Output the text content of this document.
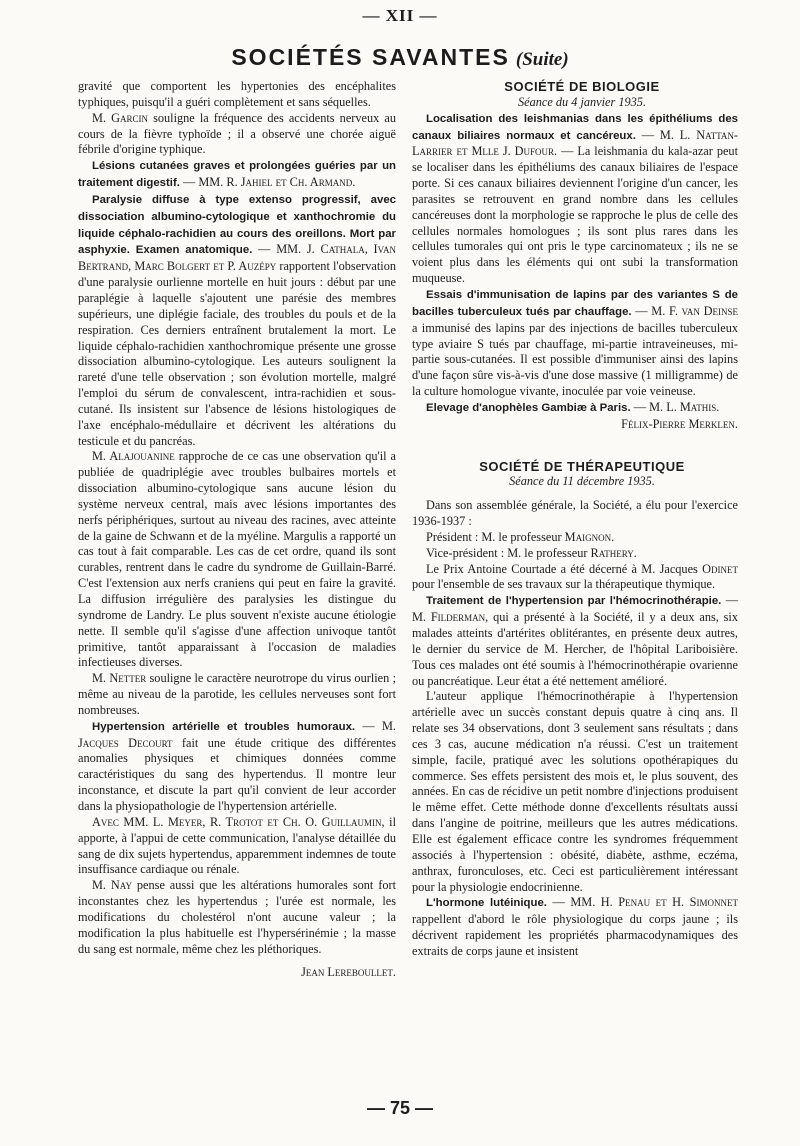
— XII —
SOCIÉTÉS SAVANTES (Suite)

gravité que comportent les hypertonies des encéphalites typhiques, puisqu'il a guéri complètement et sans séquelles.

M. Garcin souligne la fréquence des accidents nerveux au cours de la fièvre typhoïde ; il a observé une chorée aiguë fébrile d'origine typhique.

Lésions cutanées graves et prolongées guéries par un traitement digestif. — MM. R. Jahiel et Ch. Armand.

Paralysie diffuse à type extenso progressif, avec dissociation albumino-cytologique et xanthochromie du liquide céphalo-rachidien au cours des oreillons. Mort par asphyxie. Examen anatomique. — MM. J. Cathala, Ivan Bertrand, Marc Bolgert et P. Auzépy rapportent l'observation d'une paralysie ourlienne mortelle en huit jours : début par une paraplégie à laquelle s'ajoutent une parésie des membres supérieurs, une diplégie faciale, des troubles du pouls et de la respiration. Ces derniers entraînent brutalement la mort. Le liquide céphalo-rachidien xanthochromique présente une grosse dissociation albumino-cytologique. Les auteurs soulignent la rareté d'une telle observation ; son évolution mortelle, malgré l'emploi du sérum de convalescent, intra-rachidien et sous-cutané. Ils insistent sur l'absence de lésions histologiques de l'axe encéphalo-médullaire et décrivent les altérations du testicule et du pancréas.

M. Alajouanine rapproche de ce cas une observation qu'il a publiée de quadriplégie avec troubles bulbaires mortels et dissociation albumino-cytologique sans aucune lésion du système nerveux central, mais avec lésions importantes des nerfs périphériques, surtout au niveau des racines, avec atteinte de la gaine de Schwann et de la myéline. Margulis a rapporté un cas tout à fait comparable. Les cas de cet ordre, quand ils sont curables, rentrent dans le cadre du syndrome de Guillain-Barré. C'est l'extension aux nerfs craniens qui peut en faire la gravité. La diffusion irrégulière des paralysies les distingue du syndrome de Landry. Le plus souvent n'existe aucune étiologie nette. Il semble qu'il s'agisse d'une affection univoque tantôt primitive, tantôt apparaissant à l'occasion de maladies infectieuses diverses.

M. Netter souligne le caractère neurotrope du virus ourlien ; même au niveau de la parotide, les cellules nerveuses sont fort nombreuses.

Hypertension artérielle et troubles humoraux. — M. Jacques Decourt fait une étude critique des différentes anomalies physiques et chimiques données comme caractéristiques du sang des hypertendus. Il montre leur inconstance, et discute la part qu'il convient de leur accorder dans la physiopathologie de l'hypertension artérielle.

Avec MM. L. Meyer, R. Trotot et Ch. O. Guillaumin, il apporte, à l'appui de cette communication, l'analyse détaillée du sang de dix sujets hypertendus, apparemment indemnes de toute insuffisance cardiaque ou rénale.

M. Nay pense aussi que les altérations humorales sont fort inconstantes chez les hypertendus ; l'urée est normale, les modifications du cholestérol n'ont aucune valeur ; la modification la plus habituelle est l'hypersérinémie ; la masse du sang est normale, même chez les pléthoriques.

Jean Lereboullet.

SOCIÉTÉ DE BIOLOGIE

Séance du 4 janvier 1935.

Localisation des leishmanias dans les épithéliums des canaux biliaires normaux et cancéreux. — M. L. Nattan-Larrier et Mlle J. Dufour. — La leishmania du kala-azar peut se localiser dans les épithéliums des canaux biliaires de l'espace porte. Si ces canaux biliaires deviennent l'origine d'un cancer, les parasites se retrouvent en grand nombre dans les cellules cancéreuses dont la morphologie se rapproche le plus de celle des cellules normales homologues ; ils sont plus rares dans les cellules tumorales qui ont pris le type carcinomateux ; ils ne se voient plus dans les éléments qui ont subi la transformation muqueuse.

Essais d'immunisation de lapins par des variantes S de bacilles tuberculeux tués par chauffage. — M. F. van Deinse a immunisé des lapins par des injections de bacilles tuberculeux type aviaire S tués par chauffage, mi-partie intraveineuses, mi-partie sous-cutanées. Il est possible d'immuniser ainsi des lapins d'une façon sûre vis-à-vis d'une dose massive (1 milligramme) de la culture homologue vivante, inoculée par voie veineuse.

Elevage d'anophèles Gambiæ à Paris. — M. L. Mathis.

Félix-Pierre Merklen.

SOCIÉTÉ DE THÉRAPEUTIQUE

Séance du 11 décembre 1935.

Dans son assemblée générale, la Société, a élu pour l'exercice 1936-1937 :

Président : M. le professeur Maignon.

Vice-président : M. le professeur Rathery.

Le Prix Antoine Courtade a été décerné à M. Jacques Odinet pour l'ensemble de ses travaux sur la thérapeutique thymique.

Traitement de l'hypertension par l'hémocrinothérapie. — M. Filderman, qui a présenté à la Société, il y a deux ans, six malades atteints d'artérites oblitérantes, en présente deux autres, le dernier du service de M. Hercher, de l'hôpital Lariboisière. Tous ces malades ont été soumis à l'hémocrinothérapie ovarienne ou pancréatique. Leur état a été nettement amélioré.

L'auteur applique l'hémocrinothérapie à l'hypertension artérielle avec un succès constant depuis quatre à cinq ans. Il relate ses 34 observations, dont 3 seulement sans résultats ; dans ces 3 cas, aucune médication n'a réussi. C'est un traitement simple, facile, pratiqué avec les solutions opothérapiques du commerce. Ses effets persistent des mois et, le plus souvent, des années. En cas de récidive un petit nombre d'injections produisent le même effet. Cette méthode donne d'excellents résultats aussi dans l'angine de poitrine, meilleurs que les autres médications. Elle est également efficace contre les syndromes fréquemment associés à l'hypertension : obésité, diabète, asthme, eczéma, anthrax, furonculoses, etc. Ceci est particulièrement intéressant pour la physiologie endocrinienne.

L'hormone lutéinique. — MM. H. Penau et H. Simonnet rappellent d'abord le rôle physiologique du corps jaune ; ils décrivent rapidement les propriétés pharmacodynamiques des extraits de corps jaune et insistent

— 75 —
